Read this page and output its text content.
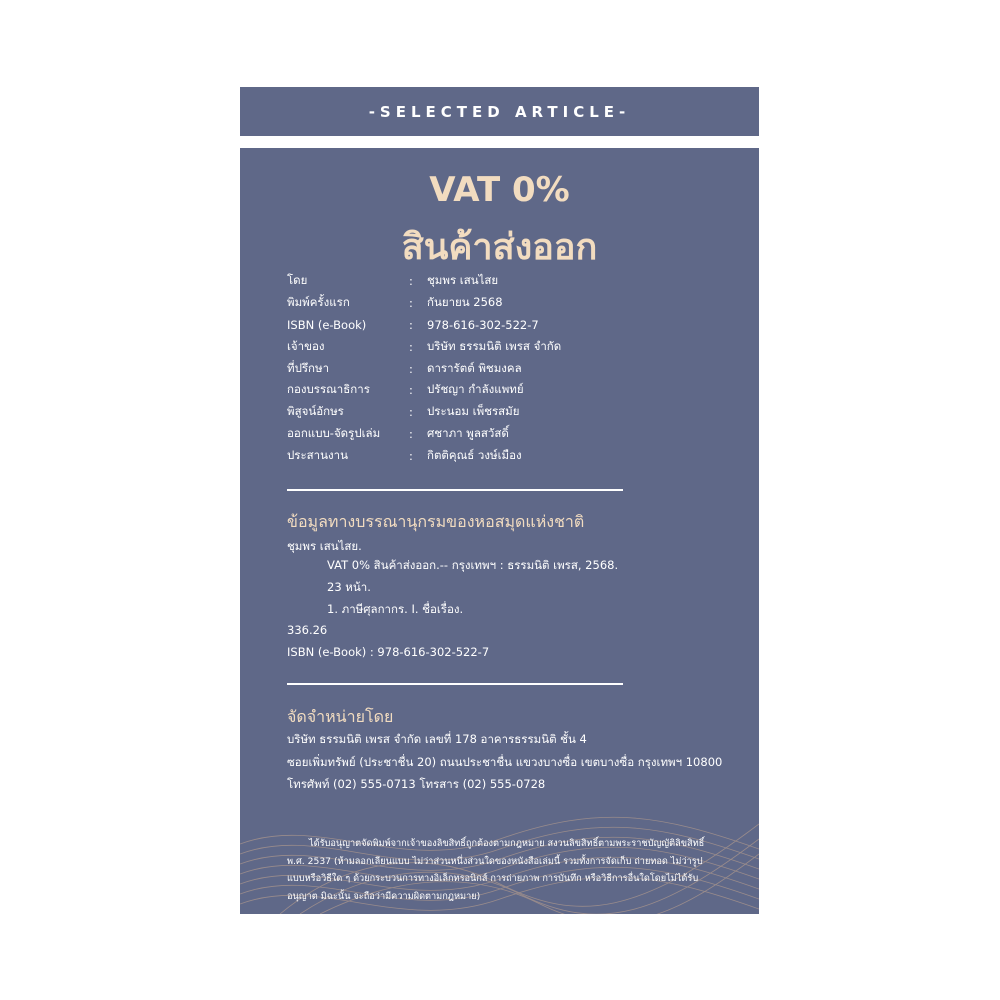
-SELECTED ARTICLE-
VAT 0%
สินค้าส่งออก
โดย	:	ชุมพร เสนไสย
พิมพ์ครั้งแรก	:	กันยายน 2568
ISBN (e-Book)	:	978-616-302-522-7
เจ้าของ	:	บริษัท ธรรมนิติ เพรส จำกัด
ที่ปรึกษา	:	ดารารัตต์ พิชมงคล
กองบรรณาธิการ	:	ปรัชญา กำลังแพทย์
พิสูจน์อักษร	:	ประนอม เพ็ชรสมัย
ออกแบบ-จัดรูปเล่ม	:	ศชาภา พูลสวัสดิ์
ประสานงาน	:	กิตติคุณธ์ วงษ์เมือง
ข้อมูลทางบรรณานุกรมของหอสมุดแห่งชาติ
ชุมพร เสนไสย.
VAT 0% สินค้าส่งออก.-- กรุงเทพฯ : ธรรมนิติ เพรส, 2568.
23 หน้า.
1. ภาษีศุลกากร. I. ชื่อเรื่อง.
336.26
ISBN (e-Book) : 978-616-302-522-7
จัดจำหน่ายโดย
บริษัท ธรรมนิติ เพรส จำกัด เลขที่ 178 อาคารธรรมนิติ ชั้น 4
ซอยเพิ่มทรัพย์ (ประชาชื่น 20) ถนนประชาชื่น แขวงบางซื่อ เขตบางซื่อ กรุงเทพฯ 10800
โทรศัพท์ (02) 555-0713 โทรสาร (02) 555-0728
ได้รับอนุญาตจัดพิมพ์จากเจ้าของลิขสิทธิ์ถูกต้องตามกฎหมาย สงวนลิขสิทธิ์ตามพระราชบัญญัติลิขสิทธิ์ พ.ศ. 2537 (ห้ามลอกเลียนแบบ ไม่ว่าส่วนหนึ่งส่วนใดของหนังสือเล่มนี้ รวมทั้งการจัดเก็บ ถ่ายทอด ไม่ว่ารูปแบบหรือวิธีใด ๆ ด้วยกระบวนการทางอิเล็กทรอนิกส์ การถ่ายภาพ การบันทึก หรือวิธีการอื่นใดโดยไม่ได้รับอนุญาต มิฉะนั้น จะถือว่ามีความผิดตามกฎหมาย)
